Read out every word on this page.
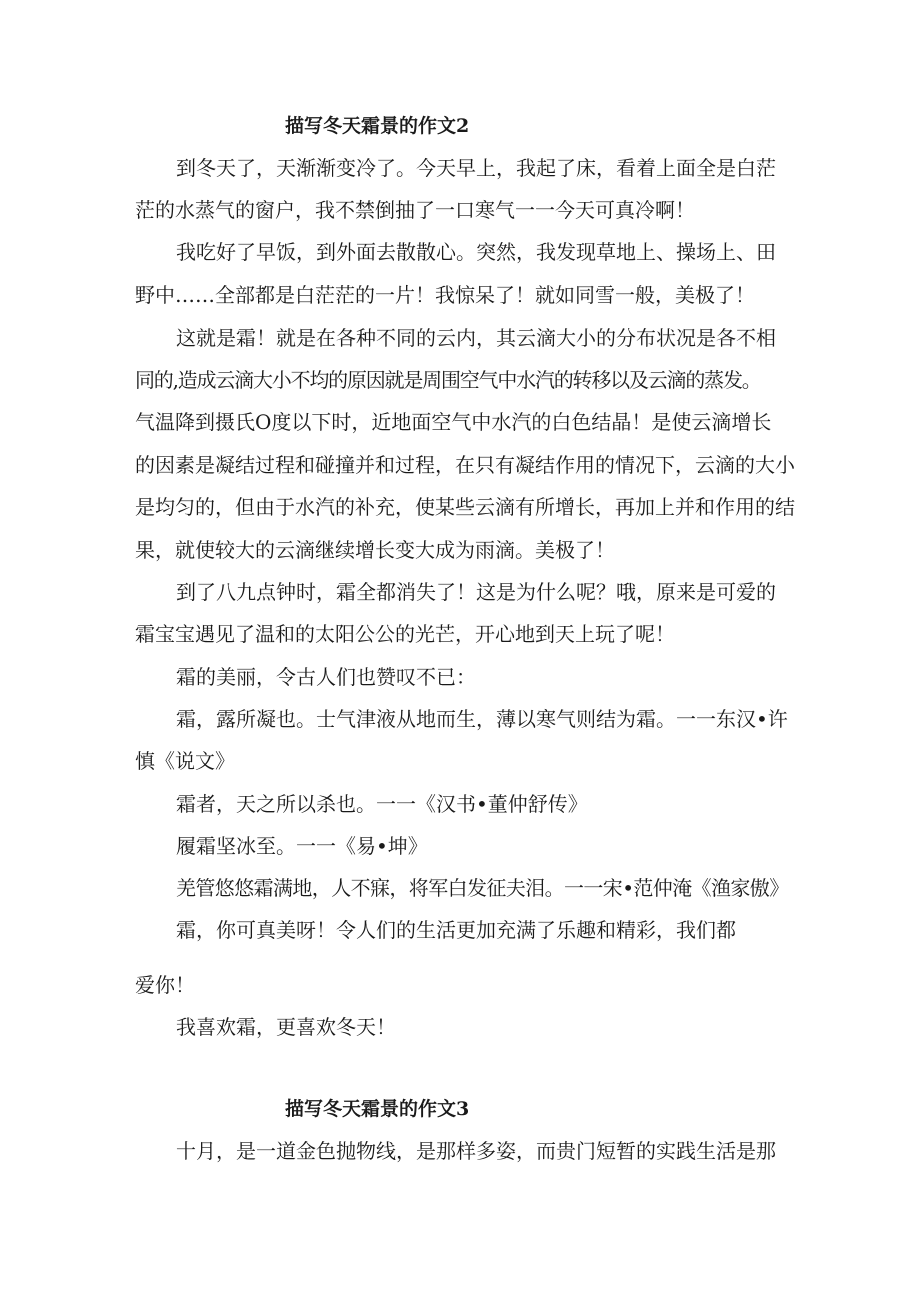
描写冬天霜景的作文2

到冬天了，天渐渐变冷了。今天早上，我起了床，看着上面全是白茫

茫的水蒸气的窗户，我不禁倒抽了一口寒气一一今天可真冷啊！

我吃好了早饭，到外面去散散心。突然，我发现草地上、操场上、田

野中……全部都是白茫茫的一片！我惊呆了！就如同雪一般，美极了！

这就是霜！就是在各种不同的云内，其云滴大小的分布状况是各不相

同的,造成云滴大小不均的原因就是周围空气中水汽的转移以及云滴的蒸发。

气温降到摄氏O度以下时，近地面空气中水汽的白色结晶！是使云滴增长

的因素是凝结过程和碰撞并和过程，在只有凝结作用的情况下，云滴的大小

是均匀的，但由于水汽的补充，使某些云滴有所增长，再加上并和作用的结

果，就使较大的云滴继续增长变大成为雨滴。美极了！

到了八九点钟时，霜全都消失了！这是为什么呢？哦，原来是可爱的

霜宝宝遇见了温和的太阳公公的光芒，开心地到天上玩了呢！

霜的美丽，令古人们也赞叹不已：

霜，露所凝也。士气津液从地而生，薄以寒气则结为霜。一一东汉•许

慎《说文》

霜者，天之所以杀也。一一《汉书•董仲舒传》

履霜坚冰至。一一《易•坤》

羌管悠悠霜满地，人不寐，将军白发征夫泪。一一宋•范仲淹《渔家傲》

霜，你可真美呀！令人们的生活更加充满了乐趣和精彩，我们都

爱你！

我喜欢霜，更喜欢冬天！

描写冬天霜景的作文3

十月，是一道金色抛物线，是那样多姿，而贵门短暂的实践生活是那
